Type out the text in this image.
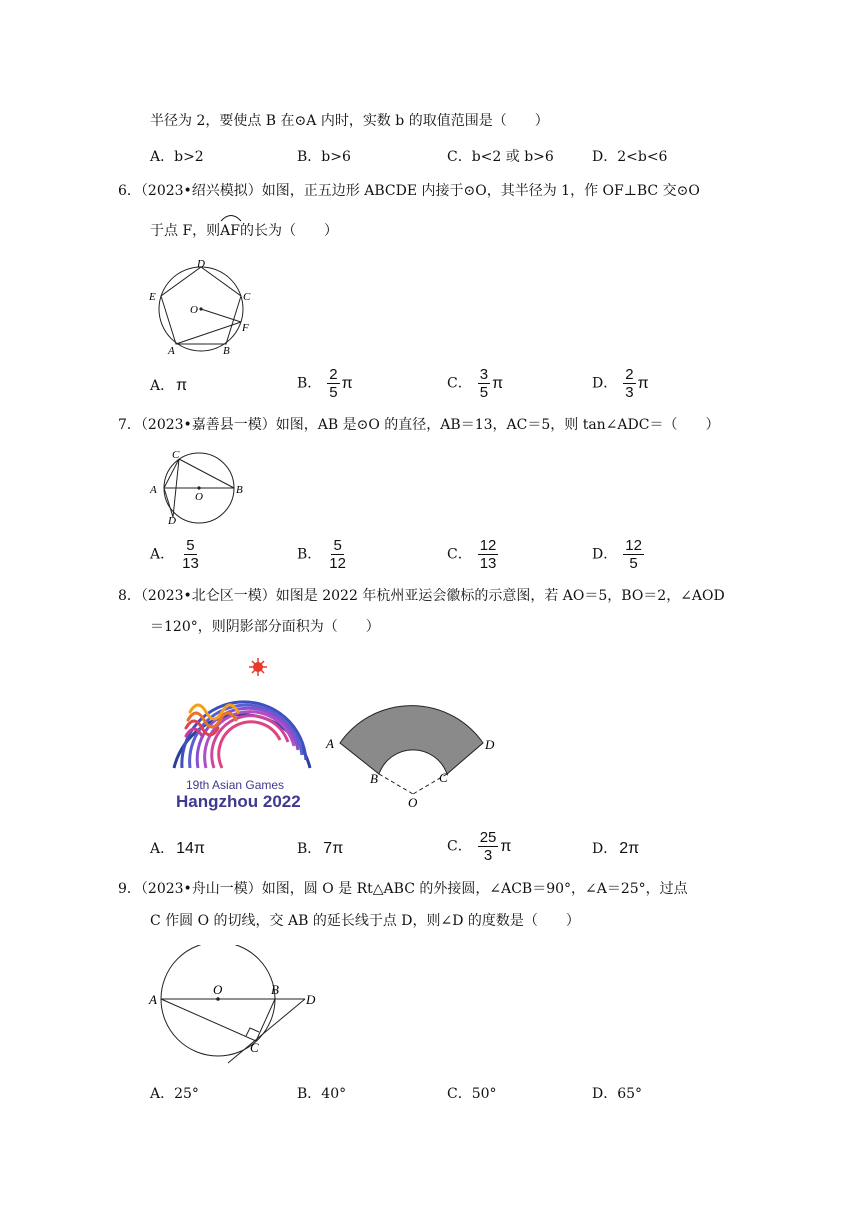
半径为 2，要使点 B 在⊙A 内时，实数 b 的取值范围是（　　）
A．b>2	B．b>6	C．b<2 或 b>6	D．2<b<6
6．（2023•绍兴模拟）如图，正五边形 ABCDE 内接于⊙O，其半径为 1，作 OF⊥BC 交⊙O
于点 F，则
AF的长为（　　）
D
E	C
O
F
A	B
A． π	B． $\frac{2}{5}$ π	C． $\frac{3}{5}$ π	D． $\frac{2}{3}$ π
7．（2023•嘉善县一模）如图，AB 是⊙O 的直径，AB＝13，AC＝5，则 tan∠ADC＝（　　）
C
A
O
B
D
A． $\frac{5}{13}$	B． $\frac{5}{12}$	C． $\frac{12}{13}$	D． $\frac{12}{5}$
8．（2023•北仑区一模）如图是 2022 年杭州亚运会徽标的示意图，若 AO＝5，BO＝2，∠AOD
＝120°，则阴影部分面积为（　　）
19th Asian Games
Hangzhou 2022
A	D
B	C
O
A． 14π	B． 7π	C． $\frac{25}{3}$ π	D． 2π
9．（2023•舟山一模）如图，圆 O 是 Rt△ABC 的外接圆，∠ACB＝90°，∠A＝25°，过点
C 作圆 O 的切线，交 AB 的延长线于点 D，则∠D 的度数是（　　）
A
O	B
D
C
A．25°	B．40°	C．50°	D．65°
